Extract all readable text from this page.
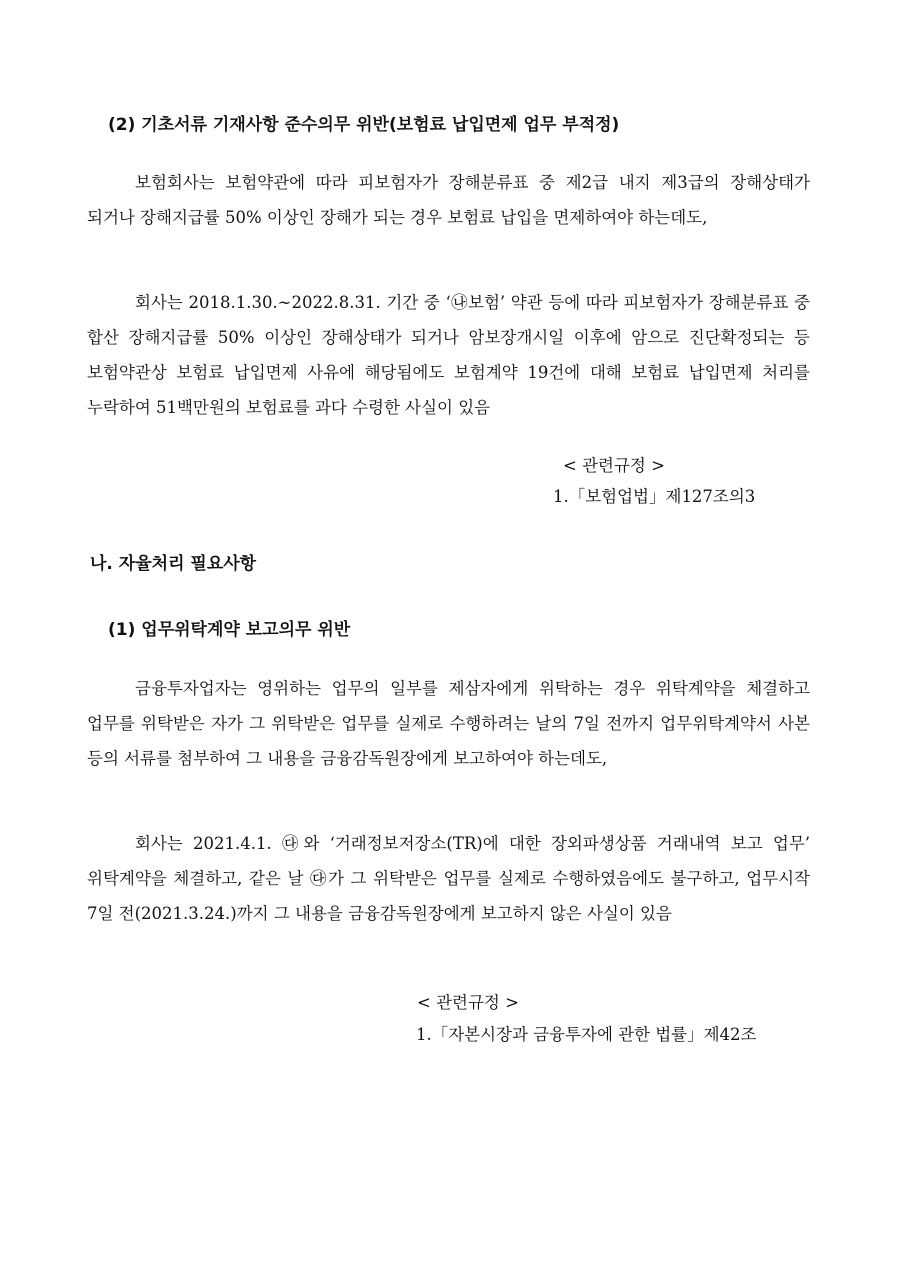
(2) 기초서류 기재사항 준수의무 위반(보험료 납입면제 업무 부적정)
보험회사는 보험약관에 따라 피보험자가 장해분류표 중 제2급 내지 제3급의 장해상태가 되거나 장해지급률 50% 이상인 장해가 되는 경우 보험료 납입을 면제하여야 하는데도,
회사는 2018.1.30.∼2022.8.31. 기간 중 ‘㉯보험’ 약관 등에 따라 피보험자가 장해분류표 중 합산 장해지급률 50% 이상인 장해상태가 되거나 암보장개시일 이후에 암으로 진단확정되는 등 보험약관상 보험료 납입면제 사유에 해당됨에도 보험계약 19건에 대해 보험료 납입면제 처리를 누락하여 51백만원의 보험료를 과다 수령한 사실이 있음
< 관련규정 >
1.「보험업법」제127조의3
나. 자율처리 필요사항
(1) 업무위탁계약 보고의무 위반
금융투자업자는 영위하는 업무의 일부를 제삼자에게 위탁하는 경우 위탁계약을 체결하고 업무를 위탁받은 자가 그 위탁받은 업무를 실제로 수행하려는 날의 7일 전까지 업무위탁계약서 사본 등의 서류를 첨부하여 그 내용을 금융감독원장에게 보고하여야 하는데도,
회사는 2021.4.1. ㉰와 ‘거래정보저장소(TR)에 대한 장외파생상품 거래내역 보고 업무’ 위탁계약을 체결하고, 같은 날 ㉰가 그 위탁받은 업무를 실제로 수행하였음에도 불구하고, 업무시작 7일 전(2021.3.24.)까지 그 내용을 금융감독원장에게 보고하지 않은 사실이 있음
< 관련규정 >
1.「자본시장과 금융투자에 관한 법률」제42조
